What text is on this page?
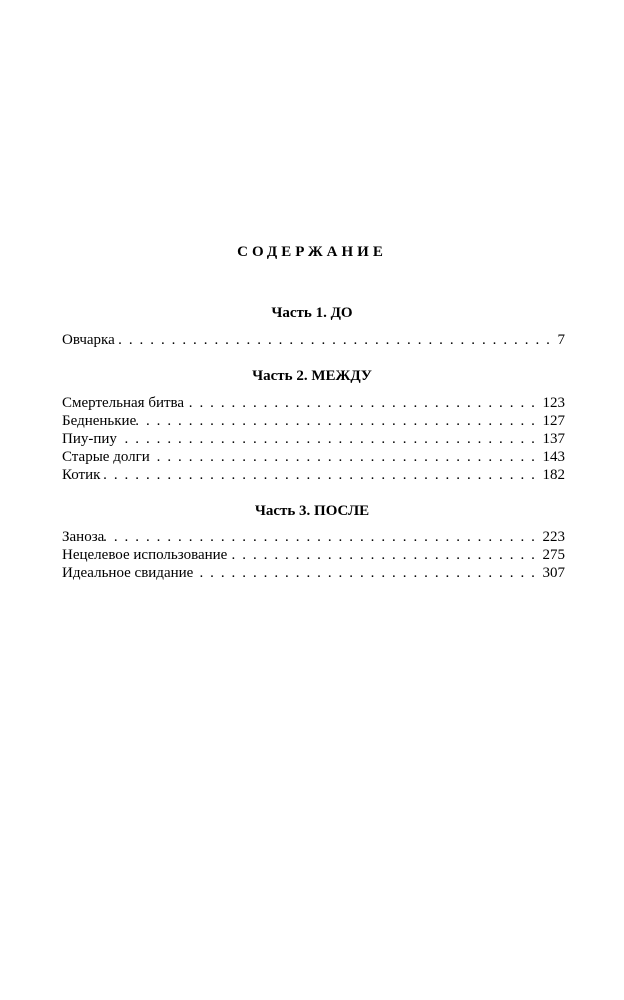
СОДЕРЖАНИЕ
Часть 1. ДО
Овчарка . . .	7
Часть 2. МЕЖДУ
Смертельная битва . . .	123
Бедненькие . . .	127
Пиу-пиу . . .	137
Старые долги . . .	143
Котик . . .	182
Часть 3. ПОСЛЕ
Заноза . . .	223
Нецелевое использование . . .	275
Идеальное свидание . . .	307
